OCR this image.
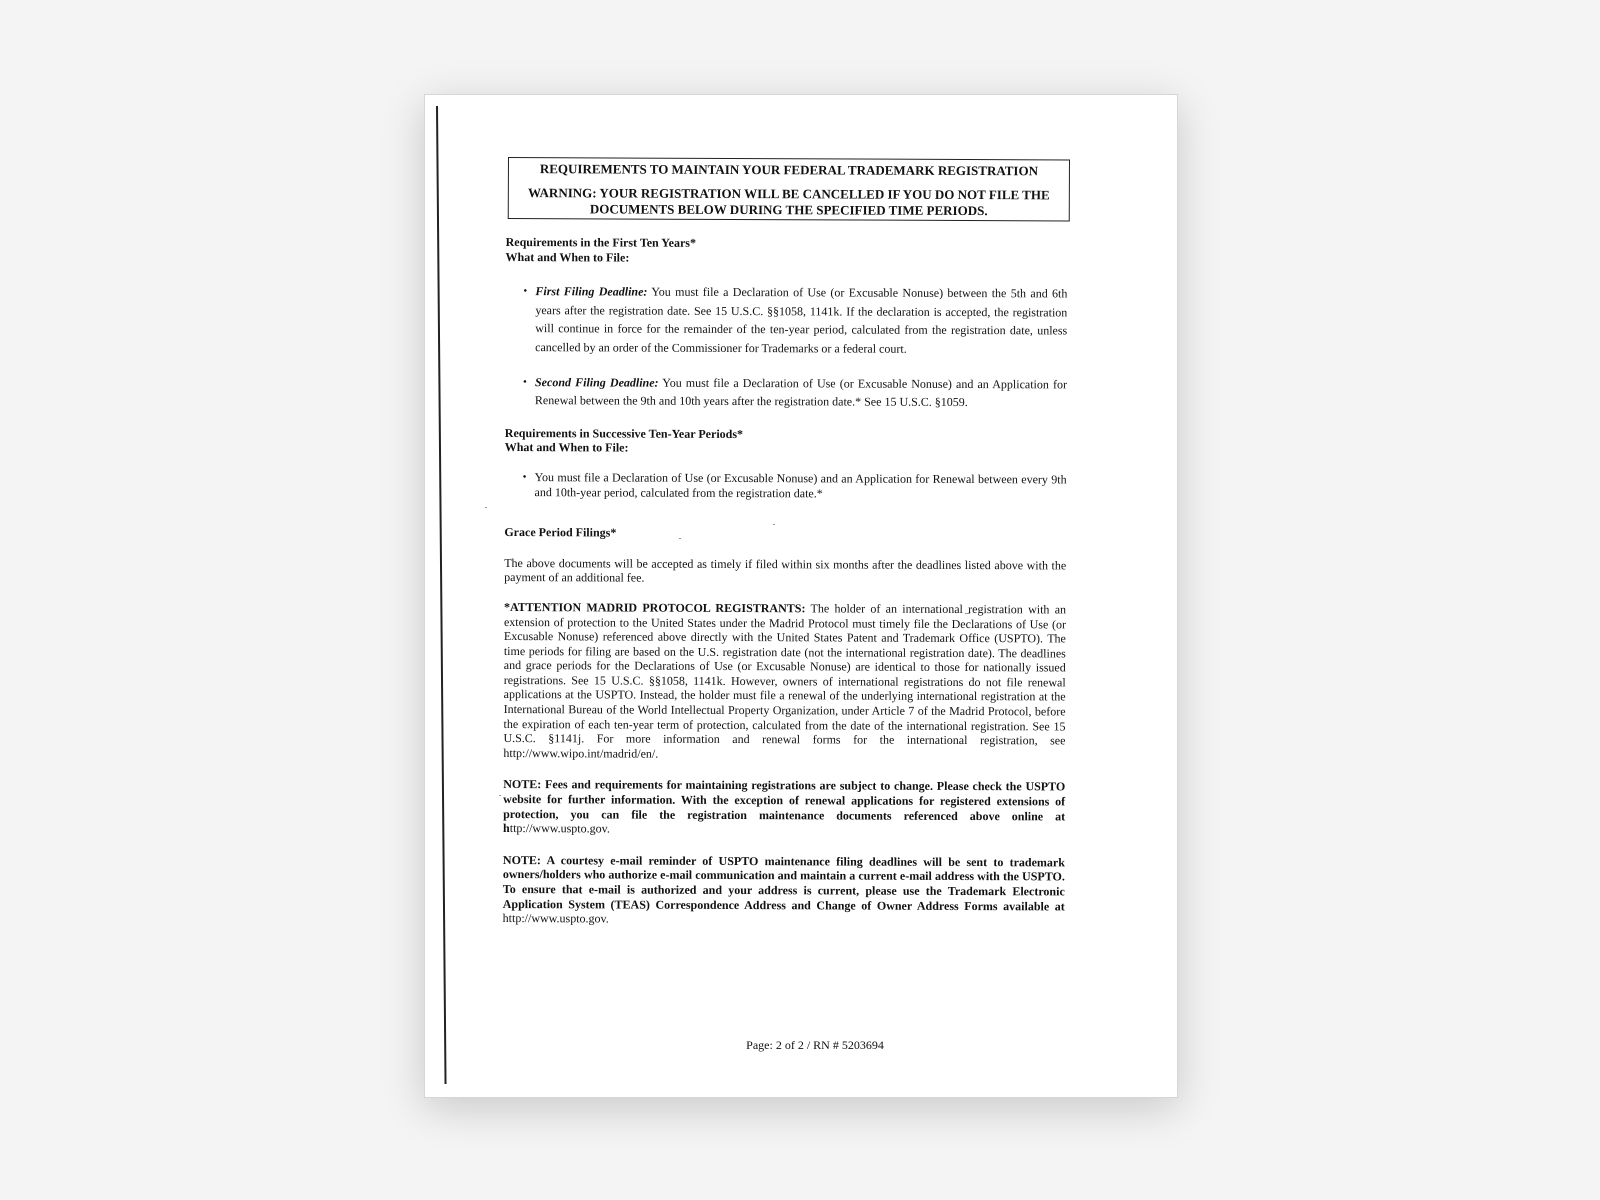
REQUIREMENTS TO MAINTAIN YOUR FEDERAL TRADEMARK REGISTRATION
WARNING: YOUR REGISTRATION WILL BE CANCELLED IF YOU DO NOT FILE THE DOCUMENTS BELOW DURING THE SPECIFIED TIME PERIODS.
Requirements in the First Ten Years*
What and When to File:
• First Filing Deadline: You must file a Declaration of Use (or Excusable Nonuse) between the 5th and 6th years after the registration date. See 15 U.S.C. §§1058, 1141k. If the declaration is accepted, the registration will continue in force for the remainder of the ten-year period, calculated from the registration date, unless cancelled by an order of the Commissioner for Trademarks or a federal court.
• Second Filing Deadline: You must file a Declaration of Use (or Excusable Nonuse) and an Application for Renewal between the 9th and 10th years after the registration date.* See 15 U.S.C. §1059.
Requirements in Successive Ten-Year Periods*
What and When to File:
• You must file a Declaration of Use (or Excusable Nonuse) and an Application for Renewal between every 9th and 10th-year period, calculated from the registration date.*
Grace Period Filings*

The above documents will be accepted as timely if filed within six months after the deadlines listed above with the payment of an additional fee.

*ATTENTION MADRID PROTOCOL REGISTRANTS: The holder of an international registration with an extension of protection to the United States under the Madrid Protocol must timely file the Declarations of Use (or Excusable Nonuse) referenced above directly with the United States Patent and Trademark Office (USPTO). The time periods for filing are based on the U.S. registration date (not the international registration date). The deadlines and grace periods for the Declarations of Use (or Excusable Nonuse) are identical to those for nationally issued registrations. See 15 U.S.C. §§1058, 1141k. However, owners of international registrations do not file renewal applications at the USPTO. Instead, the holder must file a renewal of the underlying international registration at the International Bureau of the World Intellectual Property Organization, under Article 7 of the Madrid Protocol, before the expiration of each ten-year term of protection, calculated from the date of the international registration. See 15 U.S.C. §1141j. For more information and renewal forms for the international registration, see http://www.wipo.int/madrid/en/.

NOTE: Fees and requirements for maintaining registrations are subject to change. Please check the USPTO website for further information. With the exception of renewal applications for registered extensions of protection, you can file the registration maintenance documents referenced above online at http://www.uspto.gov.

NOTE: A courtesy e-mail reminder of USPTO maintenance filing deadlines will be sent to trademark owners/holders who authorize e-mail communication and maintain a current e-mail address with the USPTO. To ensure that e-mail is authorized and your address is current, please use the Trademark Electronic Application System (TEAS) Correspondence Address and Change of Owner Address Forms available at http://www.uspto.gov.

Page: 2 of 2 / RN # 5203694
